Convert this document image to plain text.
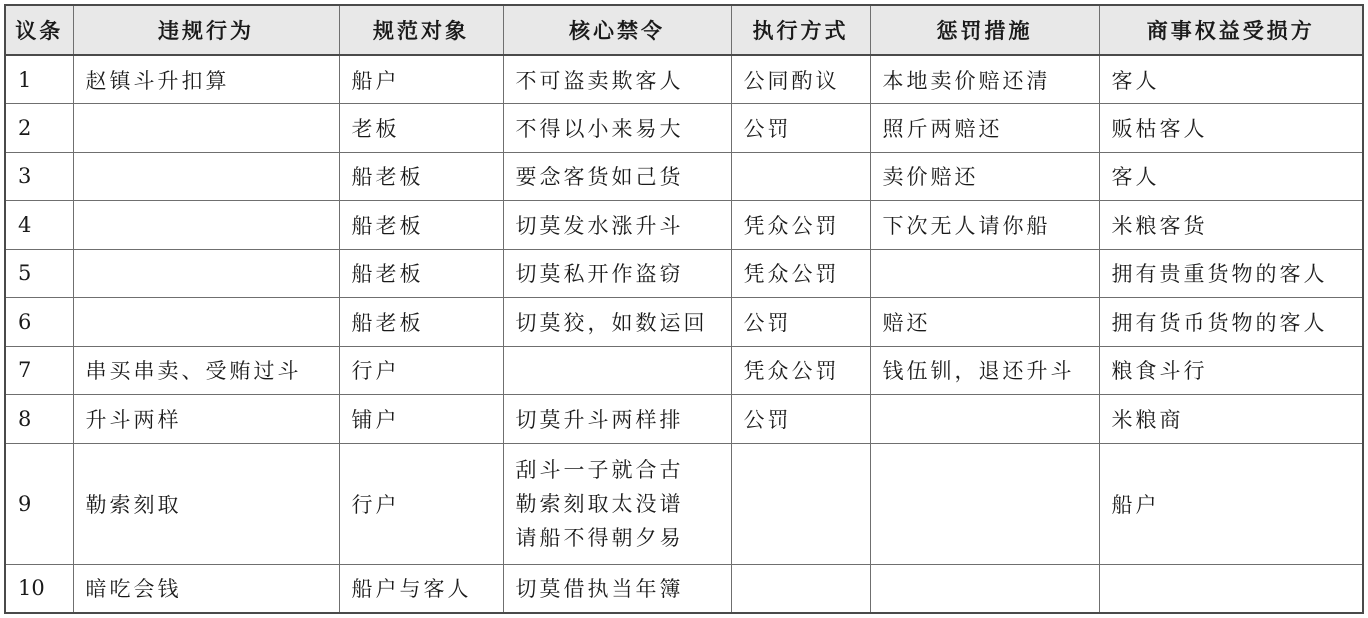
议条	违规行为	规范对象	核心禁令	执行方式	惩罚措施	商事权益受损方
1	赵镇斗升扣算	船户	不可盗卖欺客人	公同酌议	本地卖价赔还清	客人
2		老板	不得以小来易大	公罚	照斤两赔还	贩枯客人
3		船老板	要念客货如己货		卖价赔还	客人
4		船老板	切莫发水涨升斗	凭众公罚	下次无人请你船	米粮客货
5		船老板	切莫私开作盗窃	凭众公罚		拥有贵重货物的客人
6		船老板	切莫狡，如数运回	公罚	赔还	拥有货币货物的客人
7	串买串卖、受贿过斗	行户		凭众公罚	钱伍钏，退还升斗	粮食斗行
8	升斗两样	铺户	切莫升斗两样排	公罚		米粮商
9	勒索刻取	行户	刮斗一子就合古
勒索刻取太没谱
请船不得朝夕易			船户
10	暗吃会钱	船户与客人	切莫借执当年簿			
